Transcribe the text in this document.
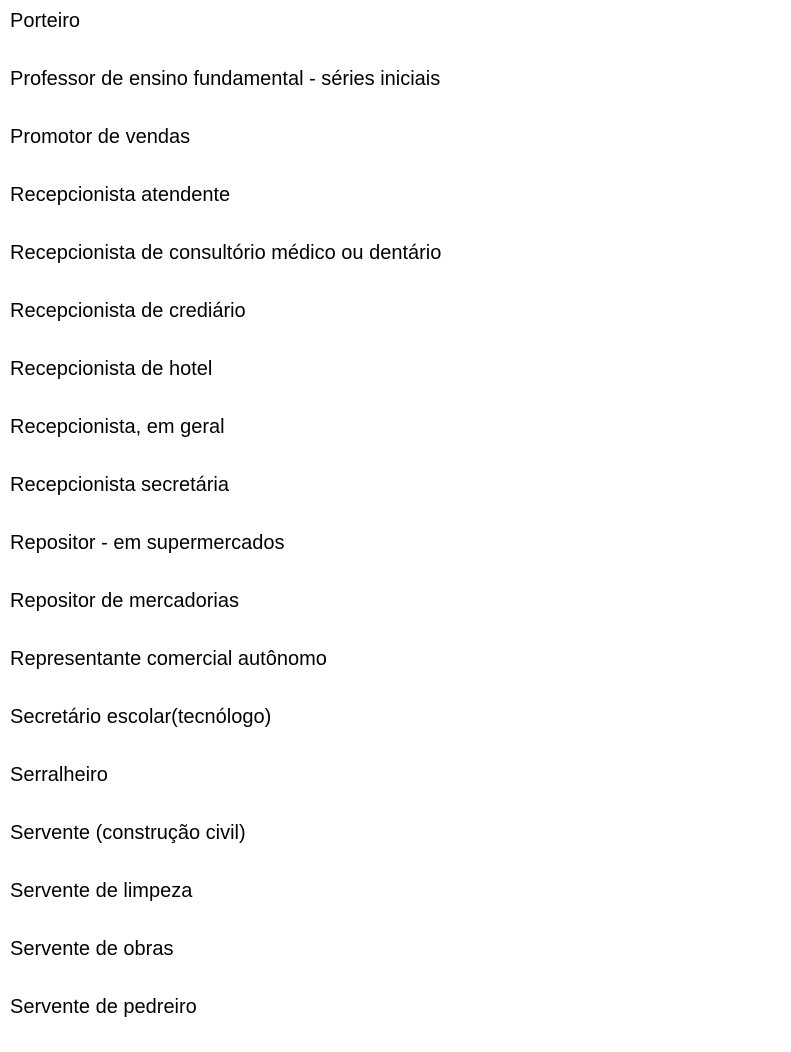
Porteiro
Professor de ensino fundamental - séries iniciais
Promotor de vendas
Recepcionista atendente
Recepcionista de consultório médico ou dentário
Recepcionista de crediário
Recepcionista de hotel
Recepcionista, em geral
Recepcionista secretária
Repositor - em supermercados
Repositor de mercadorias
Representante comercial autônomo
Secretário escolar(tecnólogo)
Serralheiro
Servente (construção civil)
Servente de limpeza
Servente de obras
Servente de pedreiro
